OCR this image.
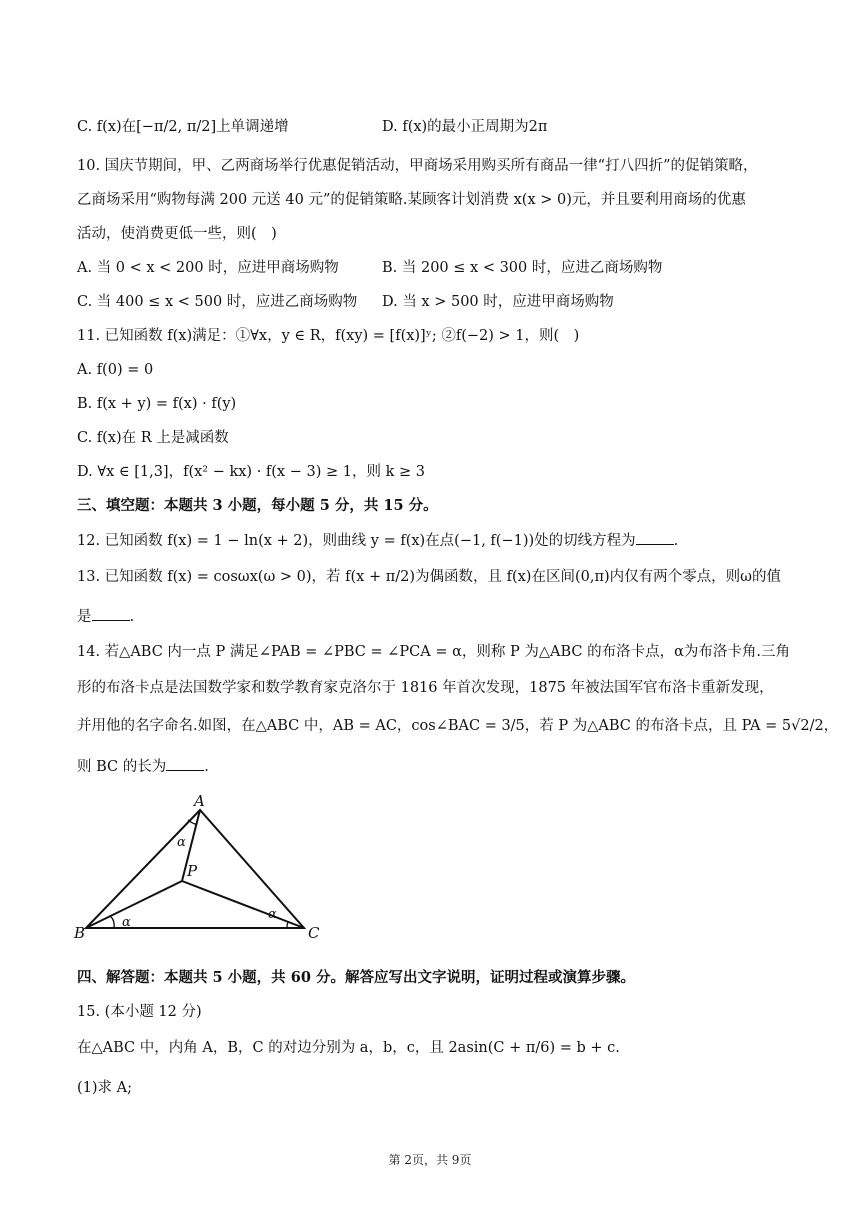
C. f(x)在[−π/2, π/2]上单调递增	D. f(x)的最小正周期为2π
10. 国庆节期间，甲、乙两商场举行优惠促销活动，甲商场采用购买所有商品一律“打八四折”的促销策略，
乙商场采用“购物每满 200 元送 40 元”的促销策略.某顾客计划消费 x(x > 0)元，并且要利用商场的优惠
活动，使消费更低一些，则(　)
A. 当 0 < x < 200 时，应进甲商场购物	B. 当 200 ≤ x < 300 时，应进乙商场购物
C. 当 400 ≤ x < 500 时，应进乙商场购物 D. 当 x > 500 时，应进甲商场购物
11. 已知函数 f(x)满足：①∀x，y ∈ R，f(xy) = [f(x)]ʸ; ②f(−2) > 1，则(　)
A. f(0) = 0
B. f(x + y) = f(x) · f(y)
C. f(x)在 R 上是减函数
D. ∀x ∈ [1,3]，f(x² − kx) · f(x − 3) ≥ 1，则 k ≥ 3
三、填空题：本题共 3 小题，每小题 5 分，共 15 分。
12. 已知函数 f(x) = 1 − ln(x + 2)，则曲线 y = f(x)在点(−1, f(−1))处的切线方程为	.
13. 已知函数 f(x) = cosωx(ω > 0)，若 f(x + π/2)为偶函数，且 f(x)在区间(0,π)内仅有两个零点，则ω的值
是	.
14. 若△ABC 内一点 P 满足∠PAB = ∠PBC = ∠PCA = α，则称 P 为△ABC 的布洛卡点，α为布洛卡角.三角
形的布洛卡点是法国数学家和数学教育家克洛尔于 1816 年首次发现，1875 年被法国军官布洛卡重新发现，
并用他的名字命名.如图，在△ABC 中，AB = AC，cos∠BAC = 3/5，若 P 为△ABC 的布洛卡点，且 PA = 5√2/2，
则 BC 的长为	.
A
B	C
P
α
α
α
四、解答题：本题共 5 小题，共 60 分。解答应写出文字说明，证明过程或演算步骤。
15. (本小题 12 分)
在△ABC 中，内角 A，B，C 的对边分别为 a，b，c，且 2asin(C + π/6) = b + c.
(1)求 A;
第 2页，共 9页
